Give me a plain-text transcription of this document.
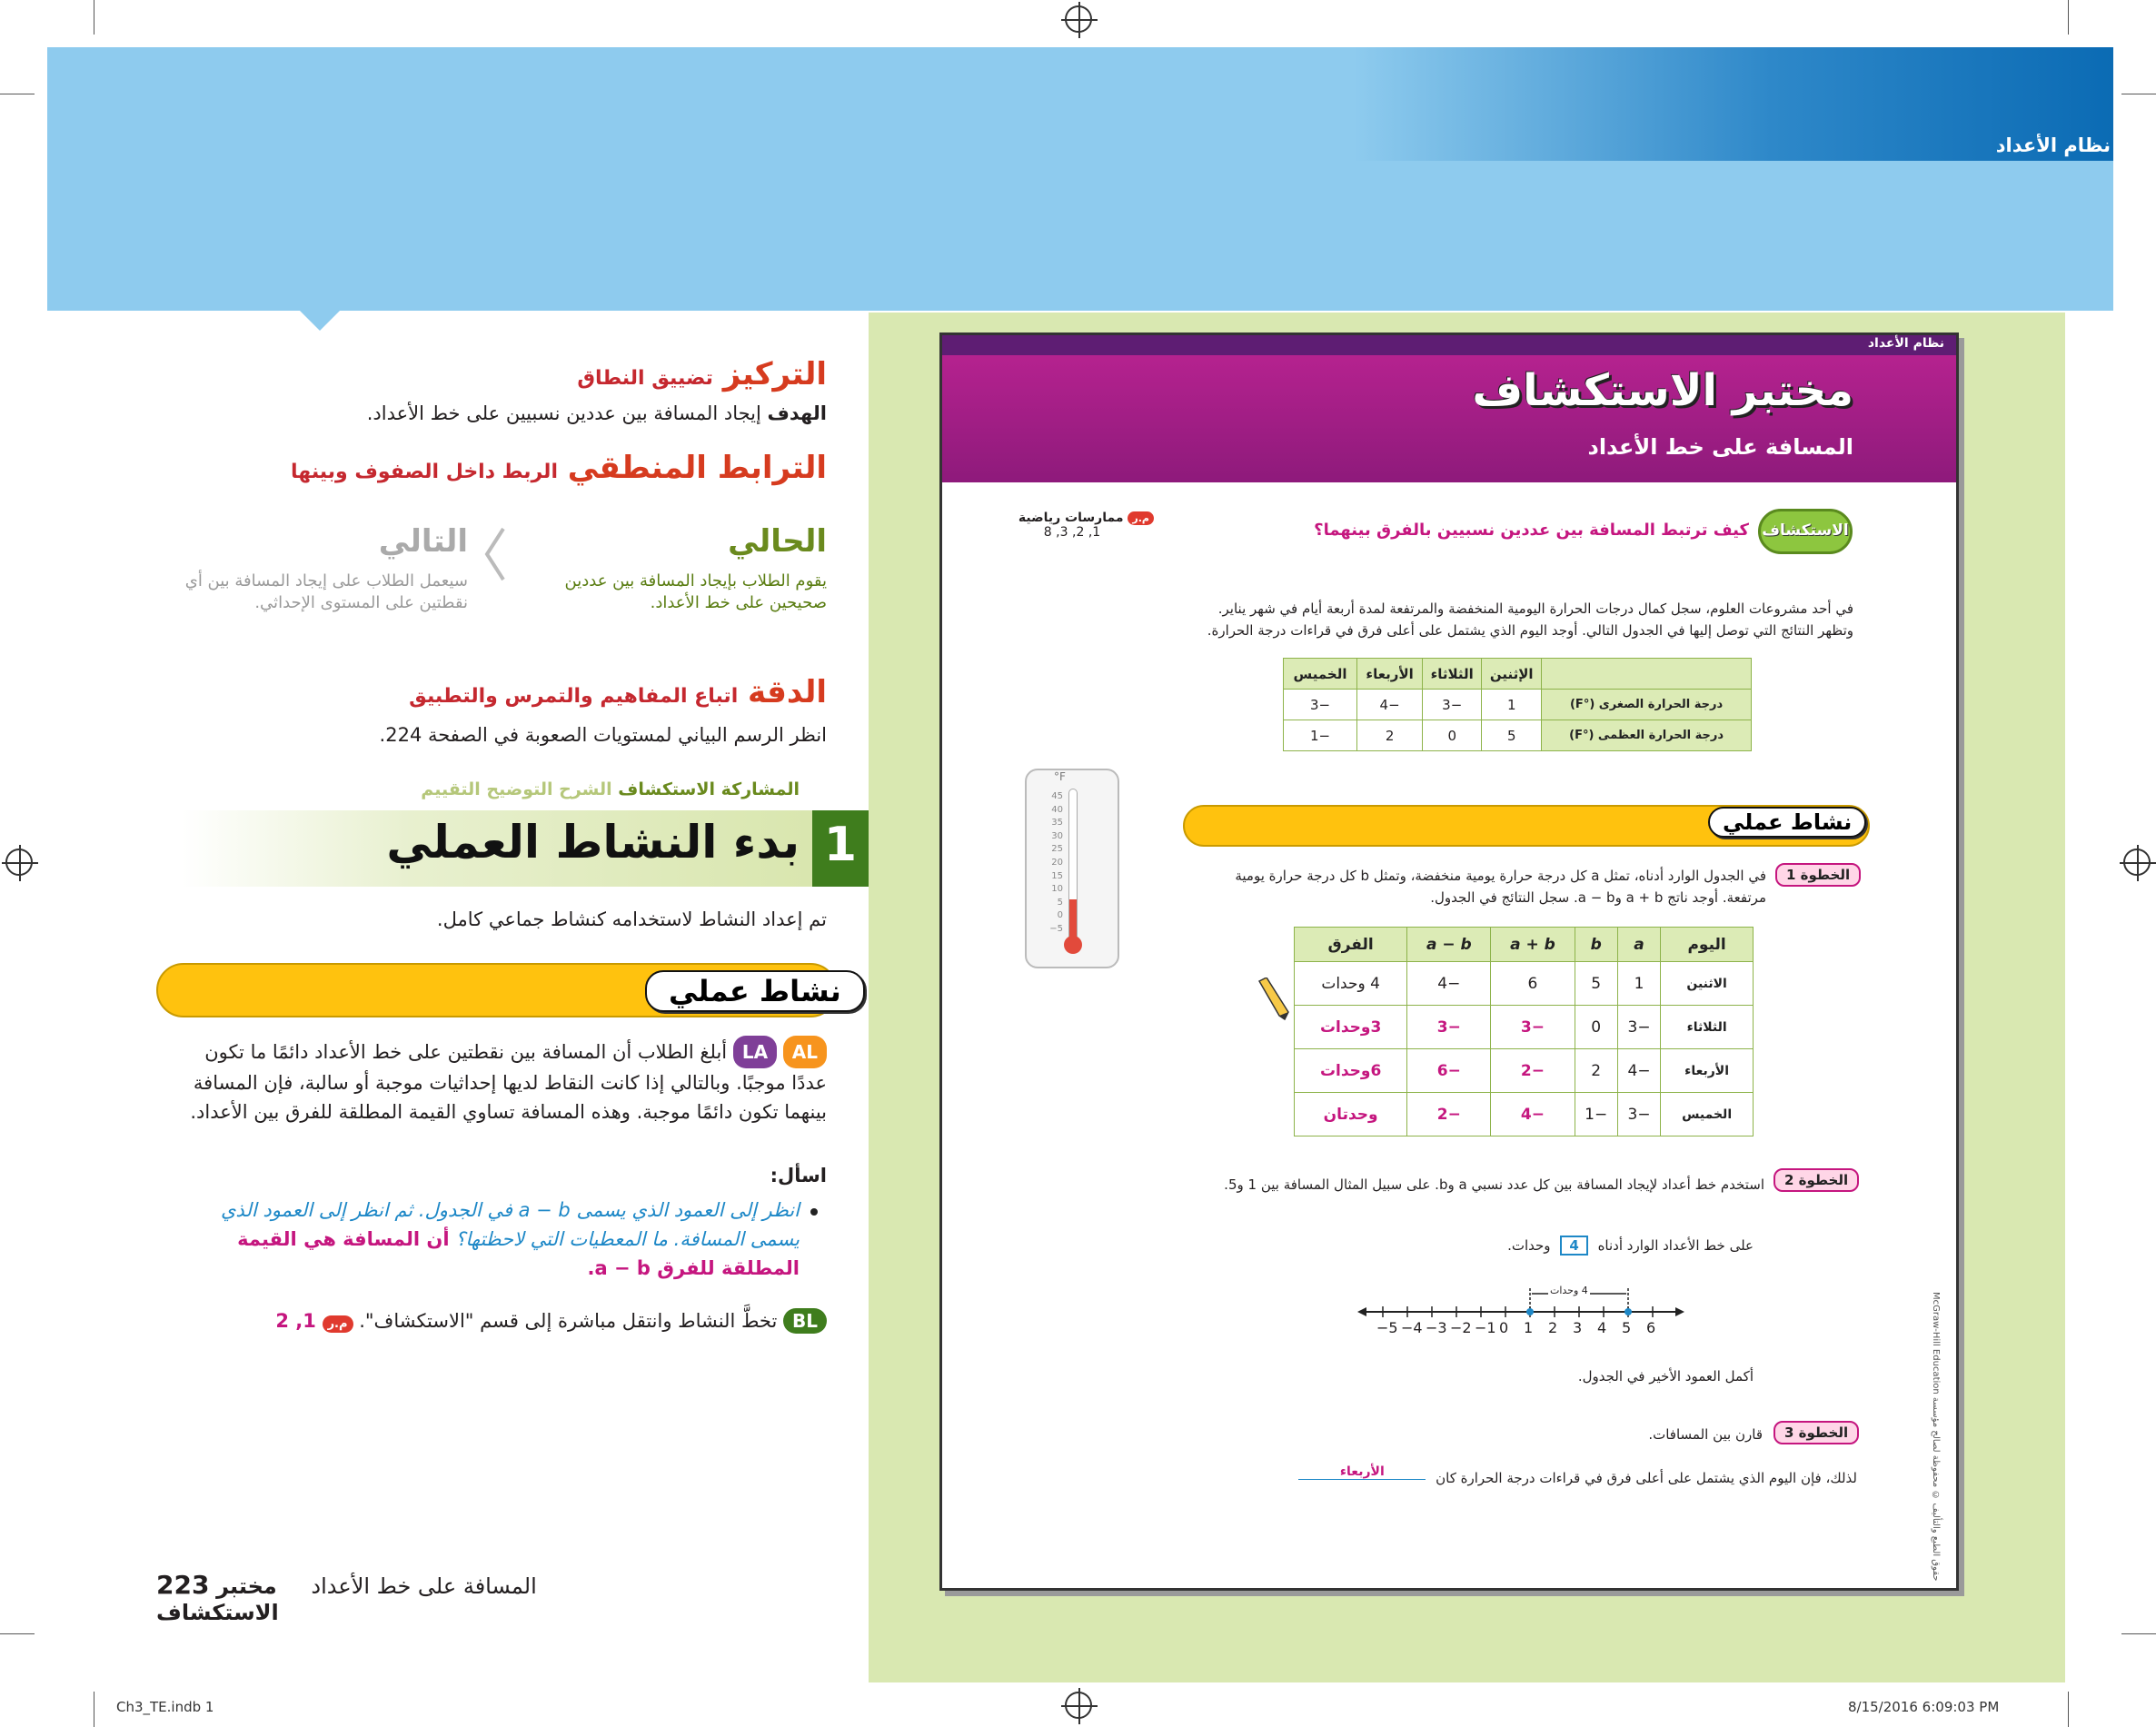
نظام الأعداد
التركيز تضييق النطاق
الهدف إيجاد المسافة بين عددين نسبيين على خط الأعداد.
الترابط المنطقي الربط داخل الصفوف وبينها
الحالي
يقوم الطلاب بإيجاد المسافة بين عددين صحيحين على خط الأعداد.
التالي
سيعمل الطلاب على إيجاد المسافة بين أي نقطتين على المستوى الإحداثي.
الدقة اتباع المفاهيم والتمرس والتطبيق
انظر الرسم البياني لمستويات الصعوبة في الصفحة 224.
المشاركة الاستكشاف الشرح التوضيح التقييم
1
بدء النشاط العملي
تم إعداد النشاط لاستخدامه كنشاط جماعي كامل.
نشاط عملي
AL LA أبلغ الطلاب أن المسافة بين نقطتين على خط الأعداد دائمًا ما تكون عددًا موجبًا. وبالتالي إذا كانت النقاط لديها إحداثيات موجبة أو سالبة، فإن المسافة بينهما تكون دائمًا موجبة. وهذه المسافة تساوي القيمة المطلقة للفرق بين الأعداد.
اسأل:
انظر إلى العمود الذي يسمى a − b في الجدول. ثم انظر إلى العمود الذي يسمى المسافة. ما المعطيات التي لاحظتها؟ أن المسافة هي القيمة المطلقة للفرق a − b.
BL تخطَّ النشاط وانتقل مباشرة إلى قسم "الاستكشاف". م.ر 1, 2
223	المسافة على خط الأعداد مختبر الاستكشاف
نظام الأعداد
مختبر الاستكشاف
المسافة على خط الأعداد
الاستكشاف
كيف ترتبط المسافة بين عددين نسبيين بالفرق بينهما؟
م.ر ممارسات رياضية
1, 2, 3, 8
في أحد مشروعات العلوم، سجل كمال درجات الحرارة اليومية المنخفضة والمرتفعة لمدة أربعة أيام في شهر يناير. وتظهر النتائج التي توصل إليها في الجدول التالي. أوجد اليوم الذي يشتمل على أعلى فرق في قراءات درجة الحرارة.
	الإثنين	الثلاثاء	الأربعاء	الخميس
درجة الحرارة الصغرى (°F)	1	−3	−4	−3
درجة الحرارة العظمى (°F)	5	0	2	−1
°F
45
40
35
30
25
20
15
10
5
0
−5
نشاط عملي
الخطوة 1
في الجدول الوارد أدناه، تمثل a كل درجة حرارة يومية منخفضة، وتمثل b كل درجة حرارة يومية مرتفعة. أوجد ناتج a + b وa − b. سجل النتائج في الجدول.
اليوم	a	b	a + b	a − b	الفرق
الاثنين	1	5	6	−4	4 وحدات
الثلاثاء	−3	0	−3	−3	3وحدات
الأربعاء	−4	2	−2	−6	6وحدات
الخميس	−3	−1	−4	−2	وحدتان
الخطوة 2
استخدم خط أعداد لإيجاد المسافة بين كل عدد نسبي a وb. على سبيل المثال المسافة بين 1 و5.
على خط الأعداد الوارد أدناه 4 وحدات.
4 وحدات
−5 −4 −3 −2 −1 0 1 2 3 4 5 6
أكمل العمود الأخير في الجدول.
الخطوة 3
قارن بين المسافات.
لذلك، فإن اليوم الذي يشتمل على أعلى فرق في قراءات درجة الحرارة كان الأربعاء
حقوق الطبع والتأليف © محفوظة لصالح مؤسسة McGraw-Hill Education
Ch3_TE.indb 1	8/15/2016 6:09:03 PM
